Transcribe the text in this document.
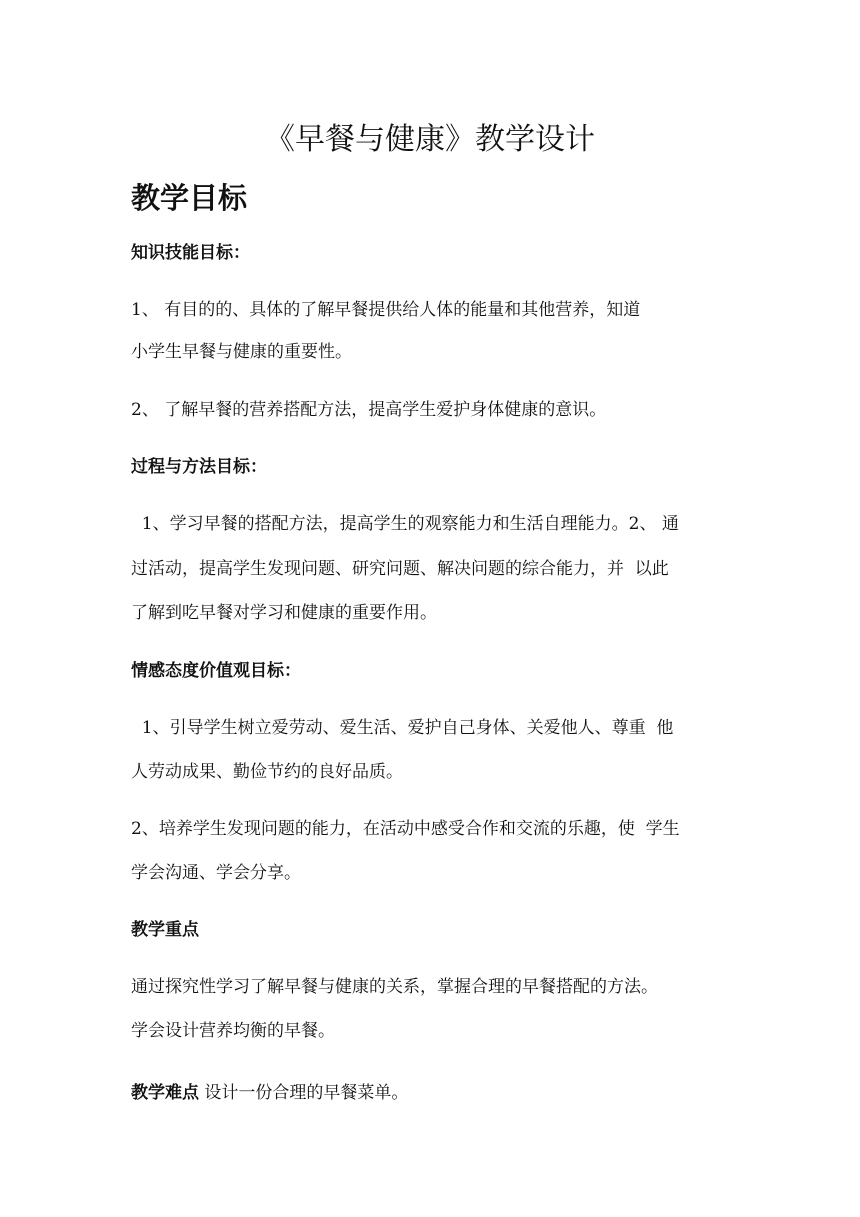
《早餐与健康》教学设计
教学目标
知识技能目标：
1、 有目的的、具体的了解早餐提供给人体的能量和其他营养，知道
小学生早餐与健康的重要性。
2、 了解早餐的营养搭配方法，提高学生爱护身体健康的意识。
过程与方法目标：
1、学习早餐的搭配方法，提高学生的观察能力和生活自理能力。2、 通
过活动，提高学生发现问题、研究问题、解决问题的综合能力，并  以此
了解到吃早餐对学习和健康的重要作用。
情感态度价值观目标：
1、引导学生树立爱劳动、爱生活、爱护自己身体、关爱他人、尊重  他
人劳动成果、勤俭节约的良好品质。
2、培养学生发现问题的能力，在活动中感受合作和交流的乐趣，使  学生
学会沟通、学会分享。
教学重点
通过探究性学习了解早餐与健康的关系，掌握合理的早餐搭配的方法。
学会设计营养均衡的早餐。
教学难点 设计一份合理的早餐菜单。
